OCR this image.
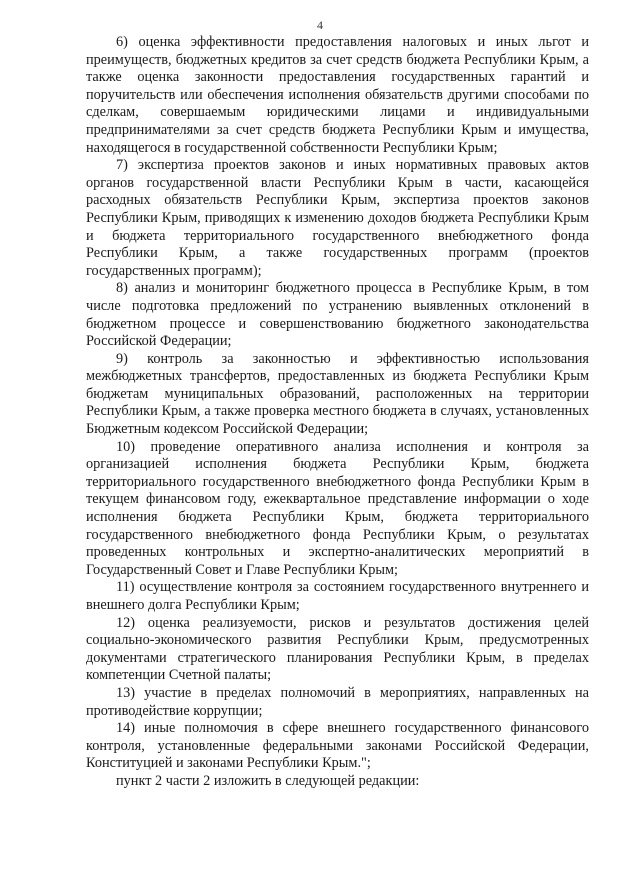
4

6) оценка эффективности предоставления налоговых и иных льгот и преимуществ, бюджетных кредитов за счет средств бюджета Республики Крым, а также оценка законности предоставления государственных гарантий и поручительств или обеспечения исполнения обязательств другими способами по сделкам, совершаемым юридическими лицами и индивидуальными предпринимателями за счет средств бюджета Республики Крым и имущества, находящегося в государственной собственности Республики Крым;

7) экспертиза проектов законов и иных нормативных правовых актов органов государственной власти Республики Крым в части, касающейся расходных обязательств Республики Крым, экспертиза проектов законов Республики Крым, приводящих к изменению доходов бюджета Республики Крым и бюджета территориального государственного внебюджетного фонда Республики Крым, а также государственных программ (проектов государственных программ);

8) анализ и мониторинг бюджетного процесса в Республике Крым, в том числе подготовка предложений по устранению выявленных отклонений в бюджетном процессе и совершенствованию бюджетного законодательства Российской Федерации;

9) контроль за законностью и эффективностью использования межбюджетных трансфертов, предоставленных из бюджета Республики Крым бюджетам муниципальных образований, расположенных на территории Республики Крым, а также проверка местного бюджета в случаях, установленных Бюджетным кодексом Российской Федерации;

10) проведение оперативного анализа исполнения и контроля за организацией исполнения бюджета Республики Крым, бюджета территориального государственного внебюджетного фонда Республики Крым в текущем финансовом году, ежеквартальное представление информации о ходе исполнения бюджета Республики Крым, бюджета территориального государственного внебюджетного фонда Республики Крым, о результатах проведенных контрольных и экспертно-аналитических мероприятий в Государственный Совет и Главе Республики Крым;

11) осуществление контроля за состоянием государственного внутреннего и внешнего долга Республики Крым;

12) оценка реализуемости, рисков и результатов достижения целей социально-экономического развития Республики Крым, предусмотренных документами стратегического планирования Республики Крым, в пределах компетенции Счетной палаты;

13) участие в пределах полномочий в мероприятиях, направленных на противодействие коррупции;

14) иные полномочия в сфере внешнего государственного финансового контроля, установленные федеральными законами Российской Федерации, Конституцией и законами Республики Крым.";

пункт 2 части 2 изложить в следующей редакции:
